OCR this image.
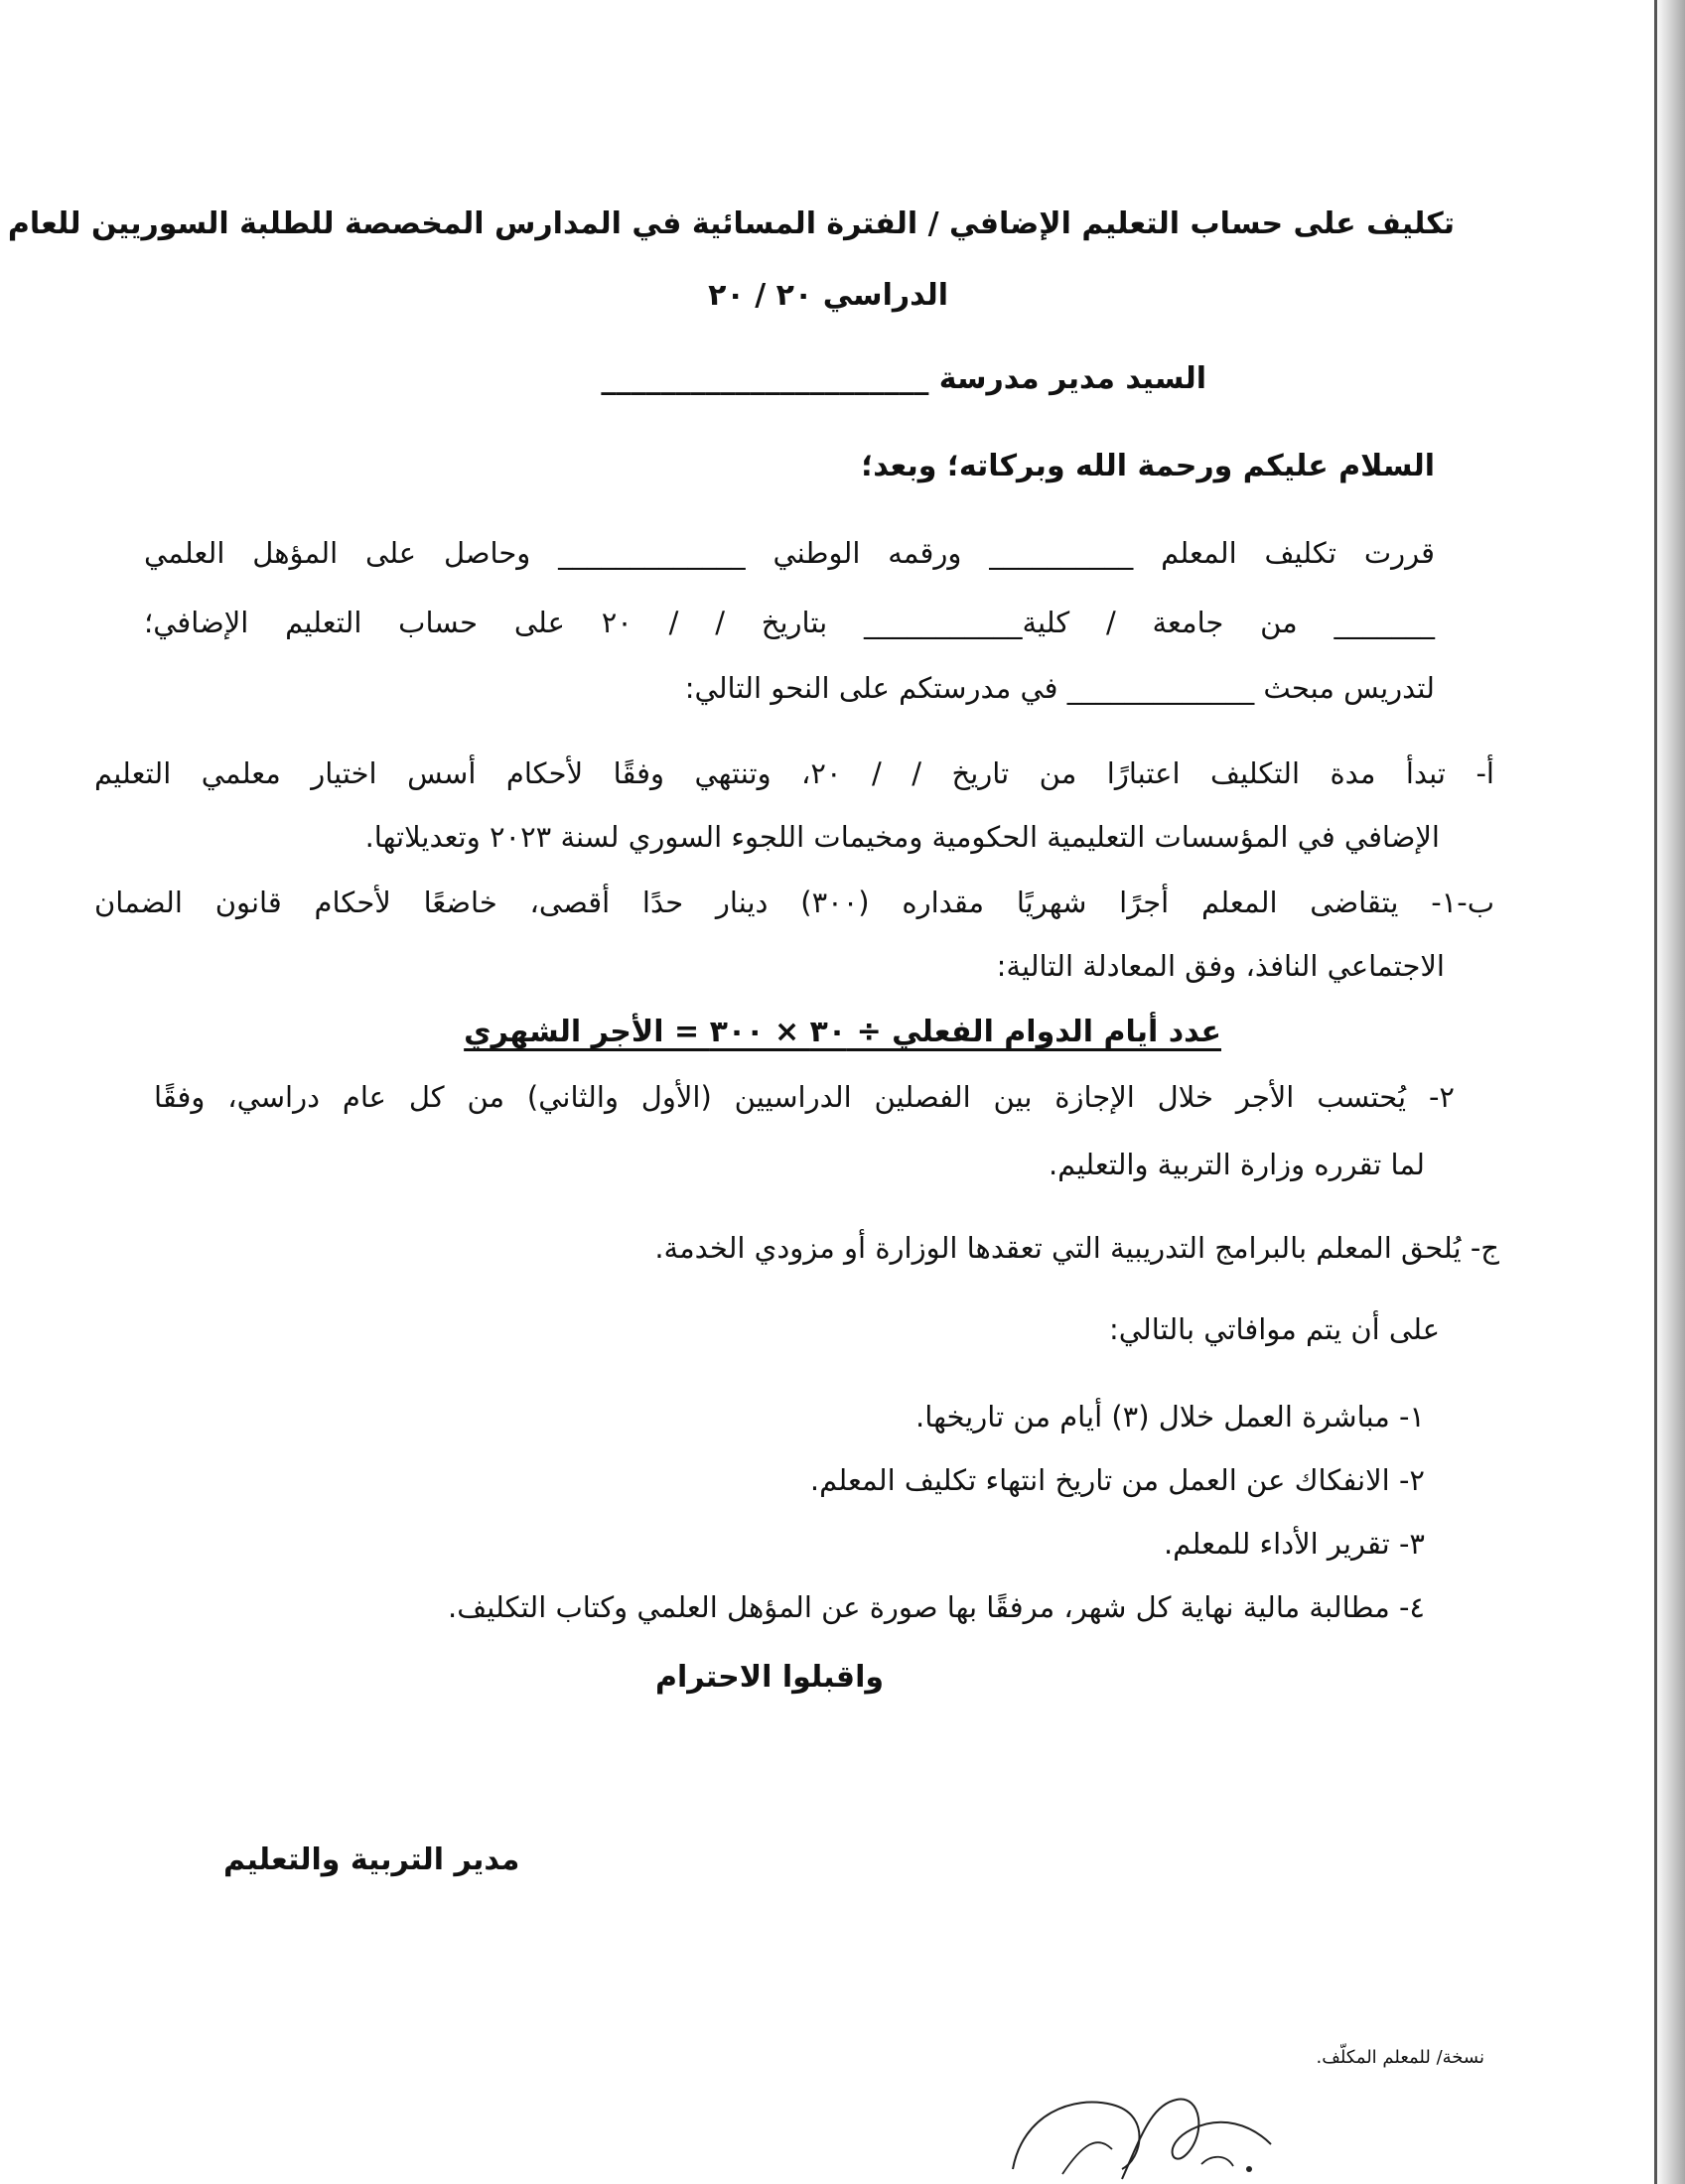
تكليف على حساب التعليم الإضافي / الفترة المسائية في المدارس المخصصة للطلبة السوريين للعام
الدراسي ٢٠ / ٢٠
السيد مدير مدرسة ______________________
السلام عليكم ورحمة الله وبركاته؛ وبعد؛
قررت تكليف المعلم __________ ورقمه الوطني _____________ وحاصل على المؤهل العلمي
_______ من جامعة / كلية___________ بتاريخ / / ٢٠ على حساب التعليم الإضافي؛
لتدريس مبحث _____________ في مدرستكم على النحو التالي:
أ- تبدأ مدة التكليف اعتبارًا من تاريخ / / ٢٠، وتنتهي وفقًا لأحكام أسس اختيار معلمي التعليم
الإضافي في المؤسسات التعليمية الحكومية ومخيمات اللجوء السوري لسنة ٢٠٢٣ وتعديلاتها.
ب-١- يتقاضى المعلم أجرًا شهريًا مقداره (٣٠٠) دينار حدًا أقصى، خاضعًا لأحكام قانون الضمان
الاجتماعي النافذ، وفق المعادلة التالية:
عدد أيام الدوام الفعلي ÷ ٣٠ × ٣٠٠ = الأجر الشهري
٢- يُحتسب الأجر خلال الإجازة بين الفصلين الدراسيين (الأول والثاني) من كل عام دراسي، وفقًا
لما تقرره وزارة التربية والتعليم.
ج- يُلحق المعلم بالبرامج التدريبية التي تعقدها الوزارة أو مزودي الخدمة.
على أن يتم موافاتي بالتالي:
١- مباشرة العمل خلال (٣) أيام من تاريخها.
٢- الانفكاك عن العمل من تاريخ انتهاء تكليف المعلم.
٣- تقرير الأداء للمعلم.
٤- مطالبة مالية نهاية كل شهر، مرفقًا بها صورة عن المؤهل العلمي وكتاب التكليف.
واقبلوا الاحترام
مدير التربية والتعليم
نسخة/ للمعلم المكلّف.
